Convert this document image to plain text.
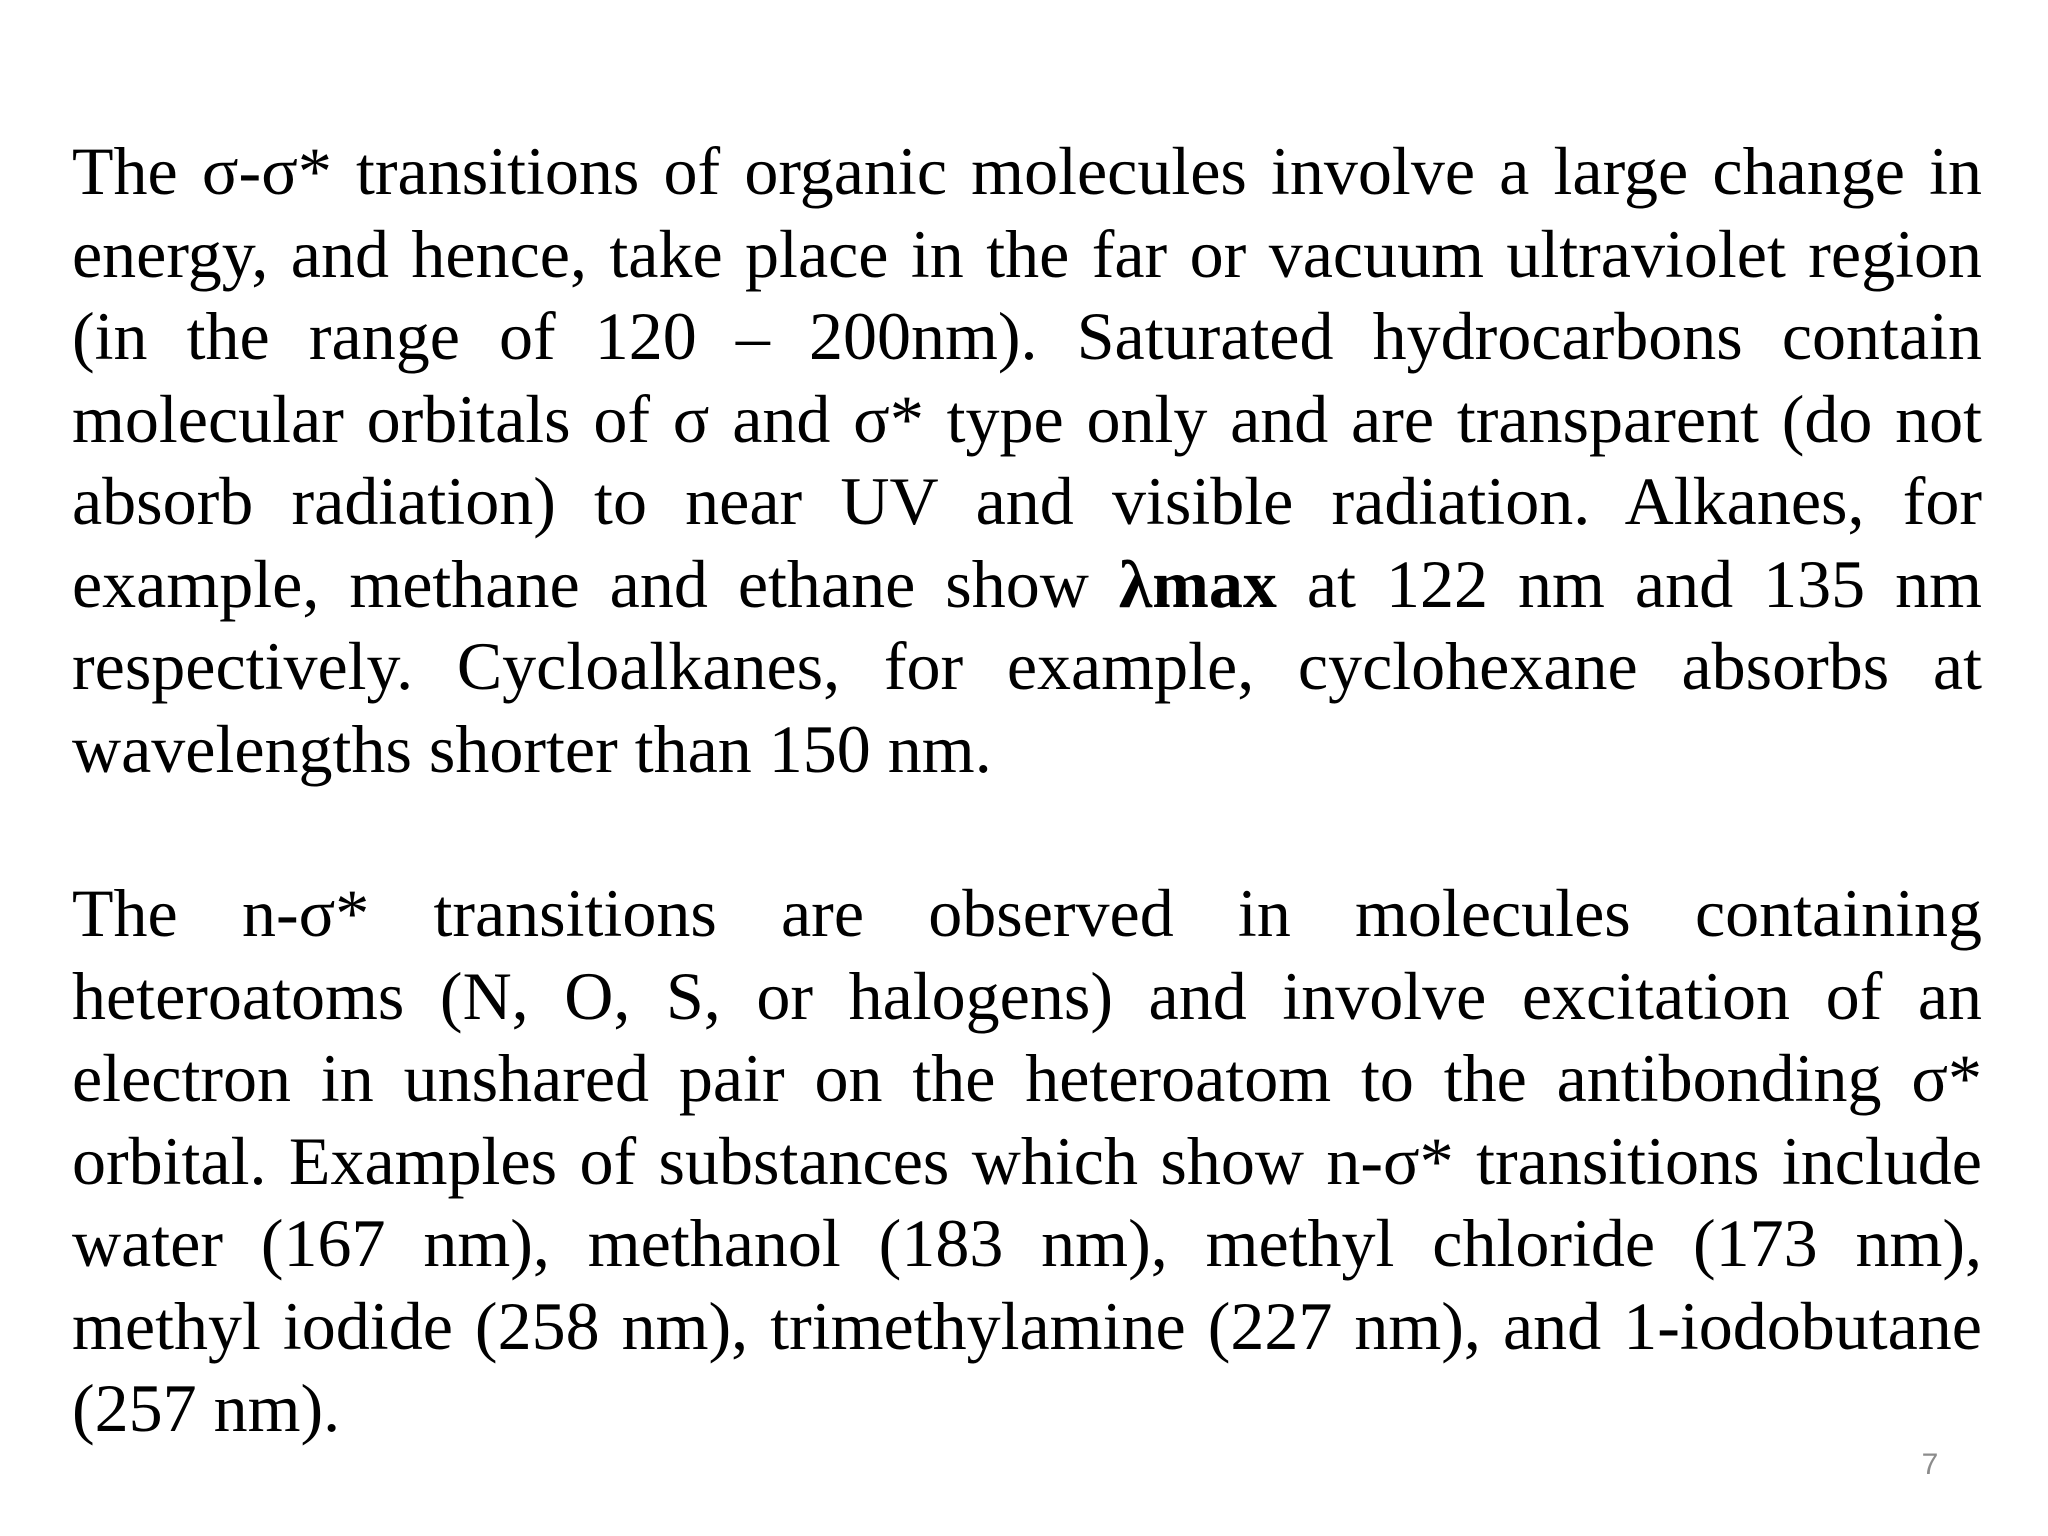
The σ-σ* transitions of organic molecules involve a large change in energy, and hence, take place in the far or vacuum ultraviolet region (in the range of 120 – 200nm). Saturated hydrocarbons contain molecular orbitals of σ and σ* type only and are transparent (do not absorb radiation) to near UV and visible radiation. Alkanes, for example, methane and ethane show λmax at 122 nm and 135 nm respectively. Cycloalkanes, for example, cyclohexane absorbs at wavelengths shorter than 150 nm.

The n-σ* transitions are observed in molecules containing heteroatoms (N, O, S, or halogens) and involve excitation of an electron in unshared pair on the heteroatom to the antibonding σ* orbital. Examples of substances which show n-σ* transitions include water (167 nm), methanol (183 nm), methyl chloride (173 nm), methyl iodide (258 nm), trimethylamine (227 nm), and 1-iodobutane (257 nm).

7
